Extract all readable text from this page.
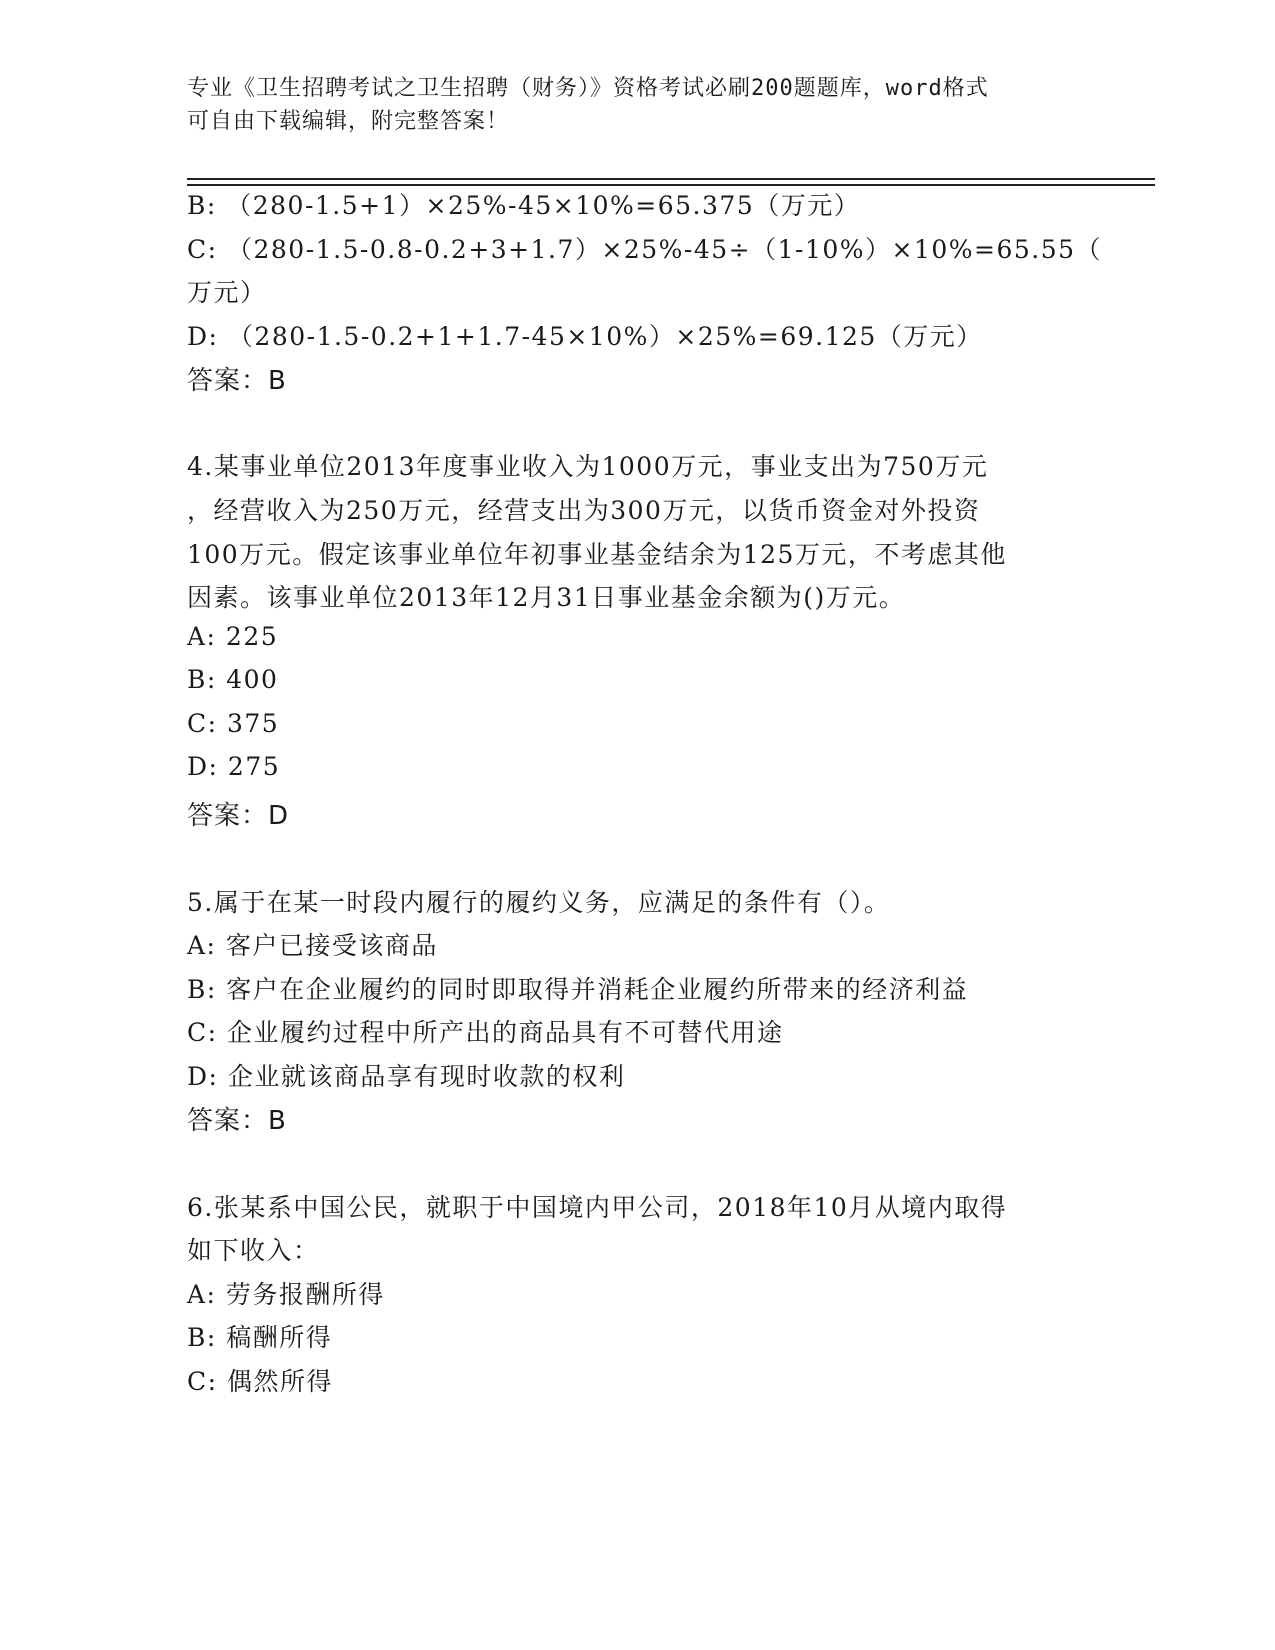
专业《卫生招聘考试之卫生招聘（财务）》资格考试必刷200题题库，word格式
可自由下载编辑，附完整答案！
B: （280-1.5+1）×25%-45×10%=65.375（万元）
C: （280-1.5-0.8-0.2+3+1.7）×25%-45÷（1-10%）×10%=65.55（
万元）
D: （280-1.5-0.2+1+1.7-45×10%）×25%=69.125（万元）
答案：B
4.某事业单位2013年度事业收入为1000万元，事业支出为750万元
，经营收入为250万元，经营支出为300万元，以货币资金对外投资
100万元。假定该事业单位年初事业基金结余为125万元，不考虑其他
因素。该事业单位2013年12月31日事业基金余额为()万元。
A: 225
B: 400
C: 375
D: 275
答案：D
5.属于在某一时段内履行的履约义务，应满足的条件有（）。
A: 客户已接受该商品
B: 客户在企业履约的同时即取得并消耗企业履约所带来的经济利益
C: 企业履约过程中所产出的商品具有不可替代用途
D: 企业就该商品享有现时收款的权利
答案：B
6.张某系中国公民，就职于中国境内甲公司，2018年10月从境内取得
如下收入：
A: 劳务报酬所得
B: 稿酬所得
C: 偶然所得
